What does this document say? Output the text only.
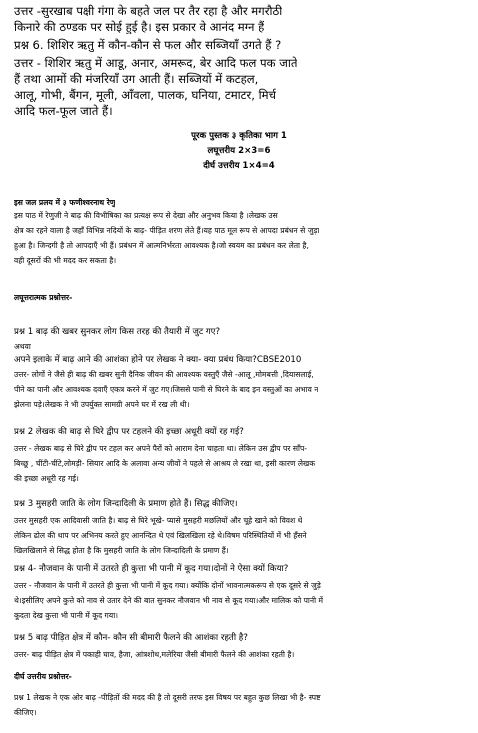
उत्तर -सुरखाब पक्षी गंगा के बहते जल पर तैर रहा है और मगरौठी
किनारे की ठण्डक पर सोई हुई है। इस प्रकार वे आनंद मग्न हैं
प्रश्न 6. शिशिर ऋतु में कौन-कौन से फल और सब्जियाँ उगते हैं ?
उत्तर - शिशिर ऋतु में आडू, अनार, अमरूद, बेर आदि फल पक जाते
हैं तथा आमों की मंजरियाँ उग आती हैं। सब्जियों में कटहल,
आलू, गोभी, बैंगन, मूली, आँवला, पालक, घनिया, टमाटर, मिर्च
आदि फल-फूल जाते हैं।
पूरक पुस्तक ३ कृतिका भाग 1
लघूत्तरीय 2×3=6
दीर्घ उत्तरीय 1×4=4
इस जल प्रलय में ३ फणीश्वरनाथ रेणु
इस पाठ में रेणुजी ने बाढ़ की विभीषिका का प्रत्यक्ष रूप से देखा और अनुभव किया है ।लेखक उस
क्षेत्र का रहने वाला है जहाँ विभिन्न नदियों के बाढ़- पीड़ित शरण लेते हैं।यह पाठ मूल रूप से आपदा प्रबंधन से जुड़ा
हुआ है। जिन्दगी है तो आपदाएँ भी हैं। प्रबंधन में आत्मनिर्भरता आवश्यक है।जो स्वयम का प्रबंधन कर लेता है,
वही दूसरों की भी मदद कर सकता है।
लघूत्तरात्मक प्रश्नोत्तर-
प्रश्न 1 बाढ़ की खबर सुनकर लोग किस तरह की तैयारी में जुट गए?
अथवा
अपने इलाके में बाढ़ आने की आशंका होने पर लेखक ने क्या- क्या प्रबंध किया?CBSE2010
उत्तर- लोगों ने जैसे ही बाढ़ की खबर सुनी दैनिक जीवन की आवश्यक वस्तुएँ जैसे -आलू ,मोमबत्ती ,दियासलाई,
पीने का पानी और आवश्यक दवाएँ एकत्र करने में जुट गए।जिससे पानी से घिरने के बाद इन वस्तुओं का अभाव न
झेलना पड़े।लेखक ने भी उपर्युक्त सामग्री अपने घर में रख ली थी।
प्रश्न 2 लेखक की बाढ़ से घिरे द्वीप पर टहलने की इच्छा अधूरी क्यों रह गई?
उत्तर - लेखक बाढ़ से घिरे द्वीप पर टहल कर अपने पैरों को आराम देना चाहता था। लेकिन उस द्वीप पर साँप-
बिच्छू , चींटी-चींटे,लोमड़ी- सियार आदि के अलावा अन्य जीवों ने पहले से आश्रय ले रखा था, इसी कारण लेखक
की इच्छा अधूरी रह गई।
प्रश्न 3 मुसहरी जाति के लोग जिन्दादिली के प्रमाण होते हैं। सिद्ध कीजिए।
उत्तर मुसहरी एक आदिवासी जाति है। बाढ़ से घिरे भूखे- प्यासे मुसहरी मछलियों और चूहे खाने को विवश थे
लेकिन ढोल की थाप पर अभिनय करते हुए आनन्दित थे एवं खिलखिला रहे थे।विषम परिस्थितियों में भी हँसने
खिलखिलाने से सिद्ध होता है कि मुसहरी जाति के लोग जिन्दादिली के प्रमाण हैं।
प्रश्न 4- नौजवान के पानी में उतरते ही कुत्ता भी पानी में कूद गया।दोनों ने ऐसा क्यों किया?
उत्तर - नौजवान के पानी में उतरते ही कुत्ता भी पानी में कूद गया। क्योंकि दोनों भावनात्मकरूप से एक दूसरे से जुड़े
थे।इसीलिए अपने कुत्ते को नाव से उतार देने की बात सुनकर नौजवान भी नाव से कूद गया।और मालिक को पानी में
कूदता देख कुत्ता भी पानी में कूद गया।
प्रश्न 5 बाढ़ पीड़ित क्षेत्र में कौन- कौन सी बीमारी फैलने की आशंका रहती है?
उत्तर- बाढ़ पीड़ित क्षेत्र में पकाही घाव, हैजा, आंत्रशोथ,मलेरिया जैसी बीमारी फैलने की आशंका रहती है।
दीर्घ उत्तरीय प्रश्नोत्तर-
प्रश्न 1 लेखक ने एक ओर बाढ़ -पीड़ितों की मदद की है तो दूसरी तरफ इस विषय पर बहुत कुछ लिखा भी है- स्पष्ट
कीजिए।
